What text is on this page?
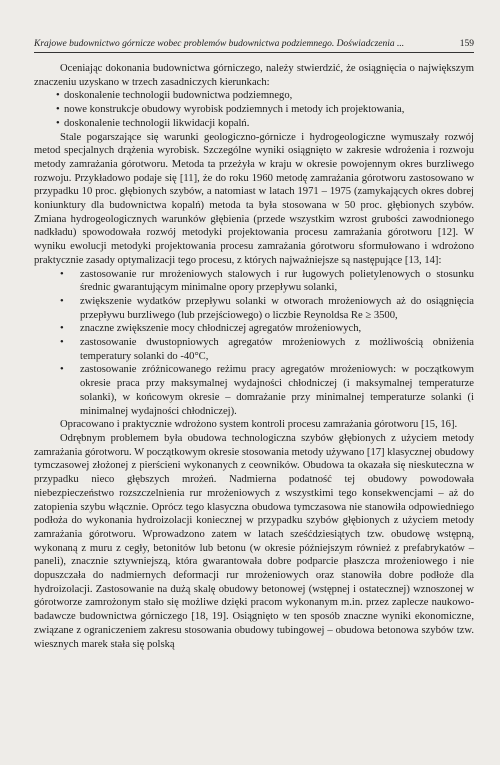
Krajowe budownictwo górnicze wobec problemów budownictwa podziemnego. Doświadczenia ...	159

Oceniając dokonania budownictwa górniczego, należy stwierdzić, że osiągnięcia o największym znaczeniu uzyskano w trzech zasadniczych kierunkach:

• doskonalenie technologii budownictwa podziemnego,
• nowe konstrukcje obudowy wyrobisk podziemnych i metody ich projektowania,
• doskonalenie technologii likwidacji kopalń.

Stale pogarszające się warunki geologiczno-górnicze i hydrogeologiczne wymuszały rozwój metod specjalnych drążenia wyrobisk. Szczególne wyniki osiągnięto w zakresie wdrożenia i rozwoju metody zamrażania górotworu. Metoda ta przeżyła w kraju w okresie powojennym okres burzliwego rozwoju. Przykładowo podaje się [11], że do roku 1960 metodę zamrażania górotworu zastosowano w przypadku 10 proc. głębionych szybów, a natomiast w latach 1971 – 1975 (zamykających okres dobrej koniunktury dla budownictwa kopalń) metoda ta była stosowana w 50 proc. głębionych szybów. Zmiana hydrogeologicznych warunków głębienia (przede wszystkim wzrost grubości zawodnionego nadkładu) spowodowała rozwój metodyki projektowania procesu zamrażania górotworu [12]. W wyniku ewolucji metodyki projektowania procesu zamrażania górotworu sformułowano i wdrożono praktycznie zasady optymalizacji tego procesu, z których najważniejsze są następujące [13, 14]:

• zastosowanie rur mrożeniowych stalowych i rur ługowych polietylenowych o stosunku średnic gwarantującym minimalne opory przepływu solanki,
• zwiększenie wydatków przepływu solanki w otworach mrożeniowych aż do osiągnięcia przepływu burzliwego (lub przejściowego) o liczbie Reynoldsa Re ≥ 3500,
• znaczne zwiększenie mocy chłodniczej agregatów mrożeniowych,
• zastosowanie dwustopniowych agregatów mrożeniowych z możliwością obniżenia temperatury solanki do -40°C,
• zastosowanie zróżnicowanego reżimu pracy agregatów mrożeniowych: w początkowym okresie praca przy maksymalnej wydajności chłodniczej (i maksymalnej temperaturze solanki), w końcowym okresie – domrażanie przy minimalnej temperaturze solanki (i minimalnej wydajności chłodniczej).

Opracowano i praktycznie wdrożono system kontroli procesu zamrażania górotworu [15, 16].

Odrębnym problemem była obudowa technologiczna szybów głębionych z użyciem metody zamrażania górotworu. W początkowym okresie stosowania metody używano [17] klasycznej obudowy tymczasowej złożonej z pierścieni wykonanych z ceowników. Obudowa ta okazała się nieskuteczna w przypadku nieco głębszych mrożeń. Nadmierna podatność tej obudowy powodowała niebezpieczeństwo rozszczelnienia rur mrożeniowych z wszystkimi tego konsekwencjami – aż do zatopienia szybu włącznie. Oprócz tego klasyczna obudowa tymczasowa nie stanowiła odpowiedniego podłoża do wykonania hydroizolacji koniecznej w przypadku szybów głębionych z użyciem metody zamrażania górotworu. Wprowadzono zatem w latach sześćdziesiątych tzw. obudowę wstępną, wykonaną z muru z cegły, betonitów lub betonu (w okresie późniejszym również z prefabrykatów – paneli), znacznie sztywniejszą, która gwarantowała dobre podparcie płaszcza mrożeniowego i nie dopuszczała do nadmiernych deformacji rur mrożeniowych oraz stanowiła dobre podłoże dla hydroizolacji. Zastosowanie na dużą skalę obudowy betonowej (wstępnej i ostatecznej) wznoszonej w górotworze zamrożonym stało się możliwe dzięki pracom wykonanym m.in. przez zaplecze naukowo-badawcze budownictwa górniczego [18, 19]. Osiągnięto w ten sposób znaczne wyniki ekonomiczne, związane z ograniczeniem zakresu stosowania obudowy tubingowej – obudowa betonowa szybów tzw. wiesznych marek stała się polską
